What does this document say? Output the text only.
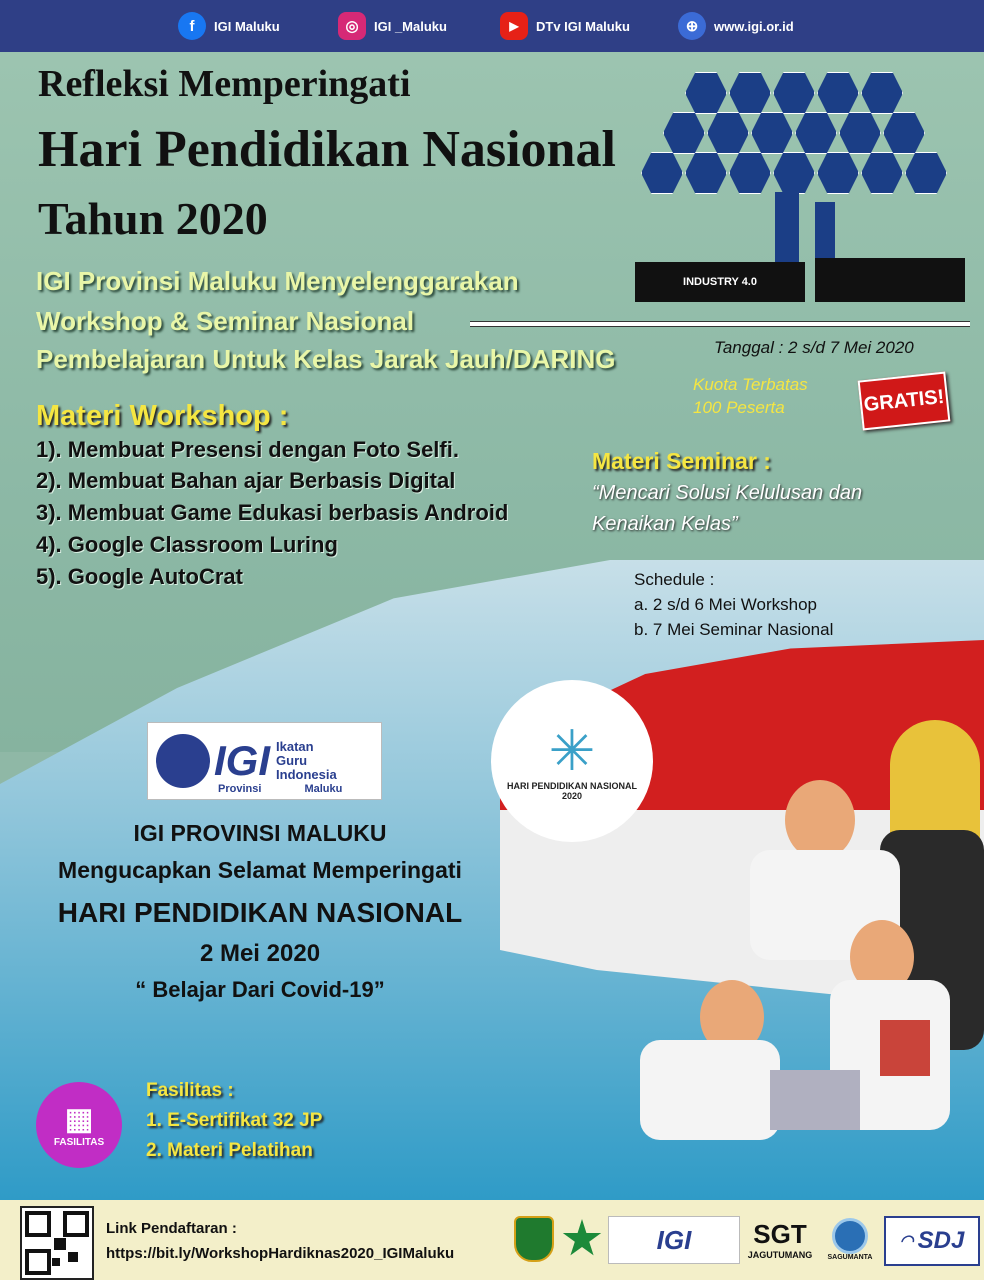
f	IGI Maluku	◎	IGI _Maluku	▶	DTv IGI Maluku	⊕	www.igi.or.id
Refleksi Memperingati
Hari Pendidikan Nasional
Tahun 2020
INDUSTRY 4.0
IGI Provinsi Maluku Menyelenggarakan
Workshop & Seminar Nasional
Pembelajaran Untuk Kelas Jarak Jauh/DARING	Tanggal : 2 s/d 7 Mei 2020
Kuota Terbatas
100 Peserta	GRATIS!
Materi Workshop :
1). Membuat Presensi dengan Foto Selfi.
2). Membuat Bahan ajar Berbasis Digital
3). Membuat Game Edukasi berbasis Android
4). Google Classroom Luring
5). Google AutoCrat
Materi Seminar :
“Mencari Solusi Kelulusan dan
Kenaikan Kelas”
Schedule :
a. 2 s/d 6 Mei Workshop
b. 7 Mei Seminar Nasional
IGI Ikatan
Guru
Indonesia
Provinsi	Maluku
✳
HARI PENDIDIKAN NASIONAL
2020
IGI PROVINSI MALUKU
Mengucapkan Selamat Memperingati
HARI PENDIDIKAN NASIONAL
2 Mei 2020
“ Belajar Dari Covid-19”
▦
FASILITAS
Fasilitas :
1. E-Sertifikat 32 JP
2. Materi Pelatihan
Link Pendaftaran :
https://bit.ly/WorkshopHardiknas2020_IGIMaluku	IGI SGT
JAGUTUMANG SAGUMANTA
◠ SDJ
